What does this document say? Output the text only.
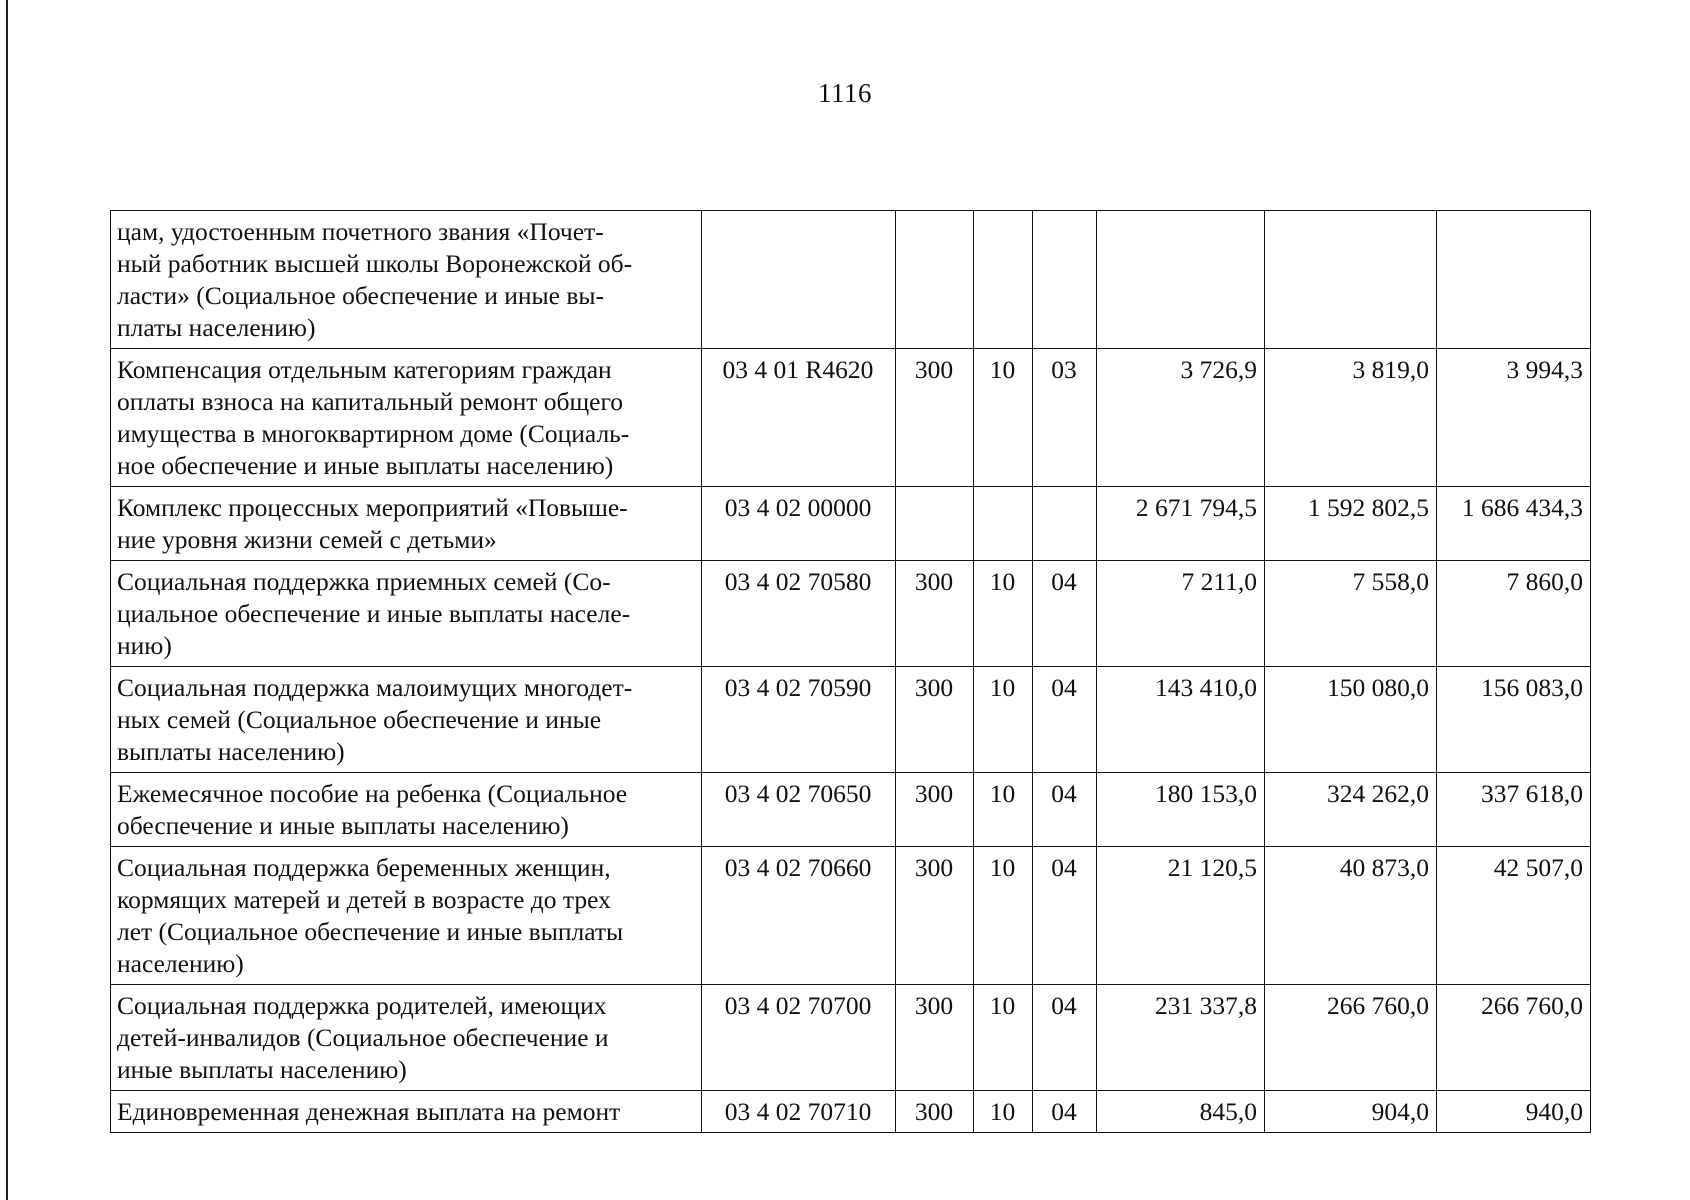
1116
цам, удостоенным почетного звания «Почет-
ный работник высшей школы Воронежской об-
ласти» (Социальное обеспечение и иные вы-
платы населению)							

Компенсация отдельным категориям граждан
оплаты взноса на капитальный ремонт общего
имущества в многоквартирном доме (Социаль-
ное обеспечение и иные выплаты населению)	03 4 01 R4620	300	10	03	3 726,9	3 819,0	3 994,3

Комплекс процессных мероприятий «Повыше-
ние уровня жизни семей с детьми»	03 4 02 00000				2 671 794,5	1 592 802,5	1 686 434,3

Социальная поддержка приемных семей (Со-
циальное обеспечение и иные выплаты населе-
нию)	03 4 02 70580	300	10	04	7 211,0	7 558,0	7 860,0

Социальная поддержка малоимущих многодет-
ных семей (Социальное обеспечение и иные
выплаты населению)	03 4 02 70590	300	10	04	143 410,0	150 080,0	156 083,0

Ежемесячное пособие на ребенка (Социальное
обеспечение и иные выплаты населению)	03 4 02 70650	300	10	04	180 153,0	324 262,0	337 618,0

Социальная поддержка беременных женщин,
кормящих матерей и детей в возрасте до трех
лет (Социальное обеспечение и иные выплаты
населению)	03 4 02 70660	300	10	04	21 120,5	40 873,0	42 507,0

Социальная поддержка родителей, имеющих
детей-инвалидов (Социальное обеспечение и
иные выплаты населению)	03 4 02 70700	300	10	04	231 337,8	266 760,0	266 760,0

Единовременная денежная выплата на ремонт	03 4 02 70710	300	10	04	845,0	904,0	940,0
